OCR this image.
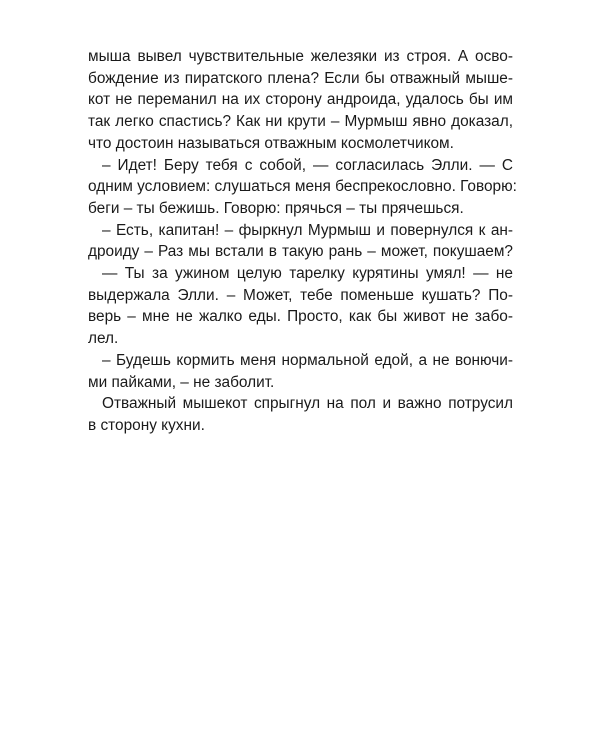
мыша вывел чувствительные железяки из строя. А осво-
бождение из пиратского плена? Если бы отважный мыше-
кот не переманил на их сторону андроида, удалось бы им
так легко спастись? Как ни крути – Мурмыш явно доказал,
что достоин называться отважным космолетчиком.
– Идет! Беру тебя с собой, — согласилась Элли. — С
одним условием: слушаться меня беспрекословно. Говорю:
беги – ты бежишь. Говорю: прячься – ты прячешься.
– Есть, капитан! – фыркнул Мурмыш и повернулся к ан-
дроиду – Раз мы встали в такую рань – может, покушаем?
— Ты за ужином целую тарелку курятины умял! — не
выдержала Элли. – Может, тебе поменьше кушать? По-
верь – мне не жалко еды. Просто, как бы живот не забо-
лел.
– Будешь кормить меня нормальной едой, а не вонючи-
ми пайками, – не заболит.
Отважный мышекот спрыгнул на пол и важно потрусил
в сторону кухни.
